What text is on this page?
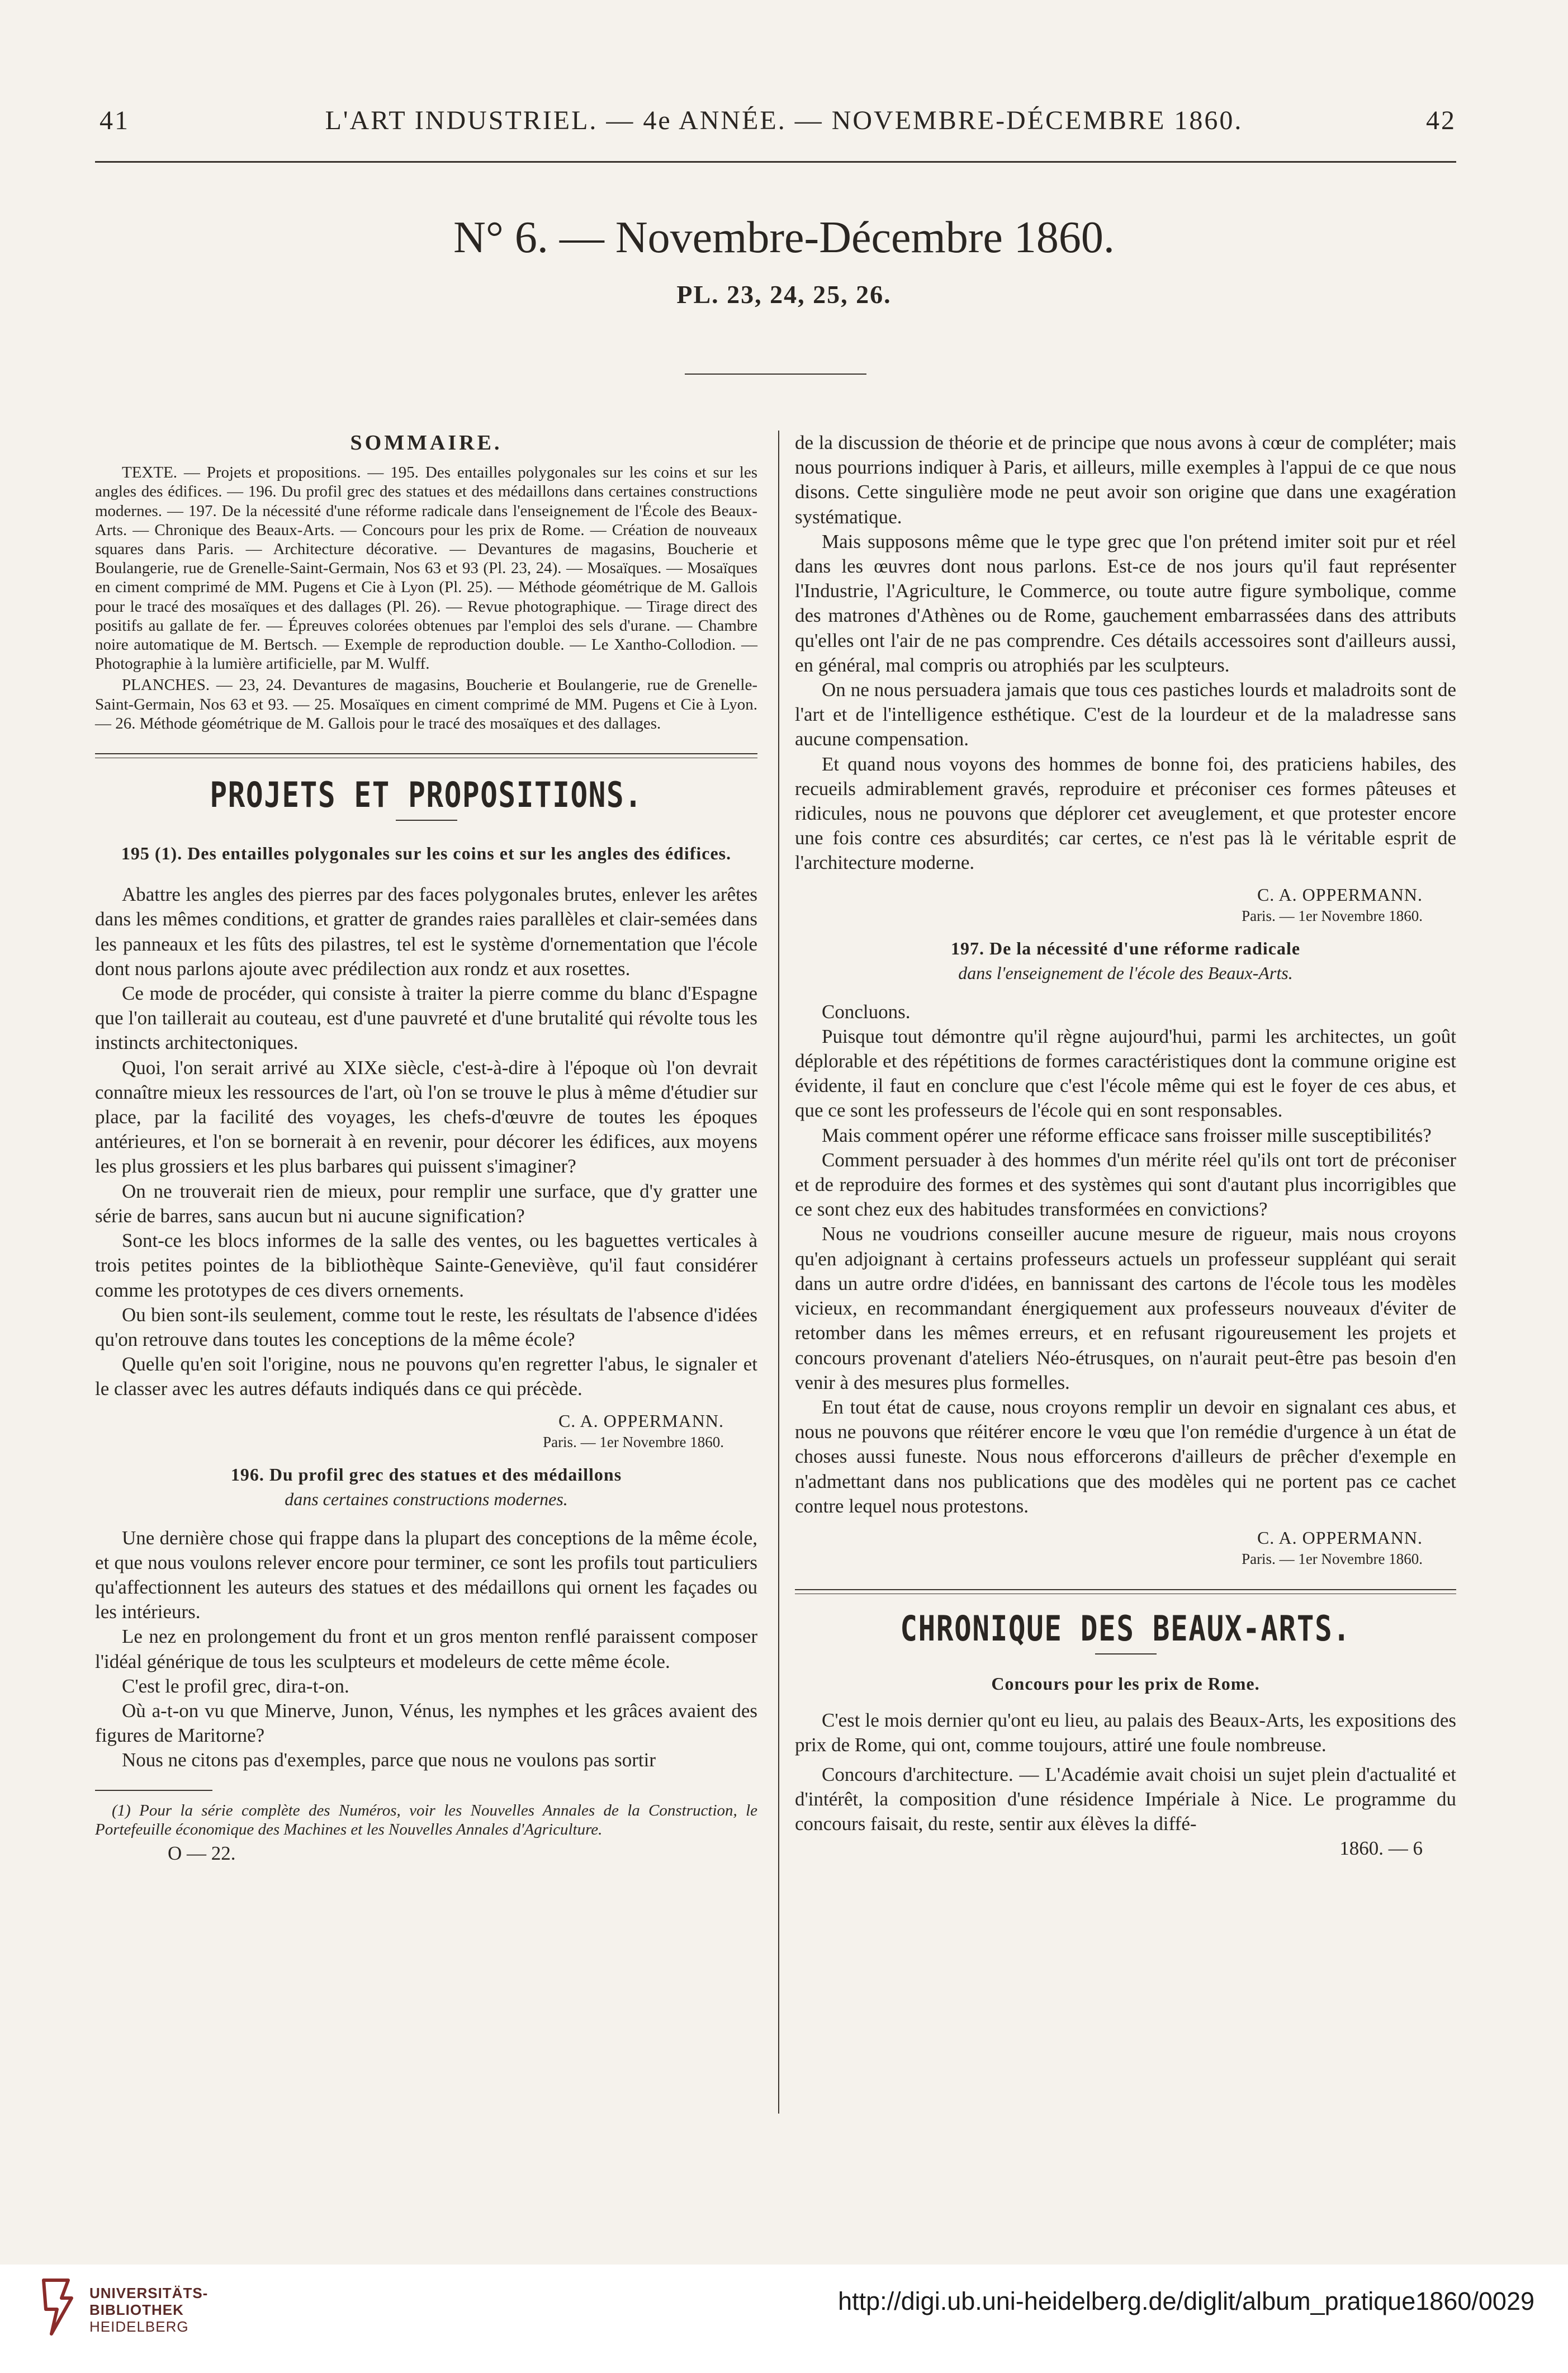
41	L'ART INDUSTRIEL. — 4e ANNÉE. — NOVEMBRE-DÉCEMBRE 1860.	42
N° 6. — Novembre-Décembre 1860.
PL. 23, 24, 25, 26.
SOMMAIRE.

TEXTE. — Projets et propositions. — 195. Des entailles polygonales sur les coins et sur les angles des édifices. — 196. Du profil grec des statues et des médaillons dans certaines constructions modernes. — 197. De la nécessité d'une réforme radicale dans l'enseignement de l'École des Beaux-Arts. — Chronique des Beaux-Arts. — Concours pour les prix de Rome. — Création de nouveaux squares dans Paris. — Architecture décorative. — Devantures de magasins, Boucherie et Boulangerie, rue de Grenelle-Saint-Germain, Nos 63 et 93 (Pl. 23, 24). — Mosaïques. — Mosaïques en ciment comprimé de MM. Pugens et Cie à Lyon (Pl. 25). — Méthode géométrique de M. Gallois pour le tracé des mosaïques et des dallages (Pl. 26). — Revue photographique. — Tirage direct des positifs au gallate de fer. — Épreuves colorées obtenues par l'emploi des sels d'urane. — Chambre noire automatique de M. Bertsch. — Exemple de reproduction double. — Le Xantho-Collodion. — Photographie à la lumière artificielle, par M. Wulff.

PLANCHES. — 23, 24. Devantures de magasins, Boucherie et Boulangerie, rue de Grenelle-Saint-Germain, Nos 63 et 93. — 25. Mosaïques en ciment comprimé de MM. Pugens et Cie à Lyon. — 26. Méthode géométrique de M. Gallois pour le tracé des mosaïques et des dallages.

PROJETS ET PROPOSITIONS.
195 (1). Des entailles polygonales sur les coins et sur les angles des édifices.

Abattre les angles des pierres par des faces polygonales brutes, enlever les arêtes dans les mêmes conditions, et gratter de grandes raies parallèles et clair-semées dans les panneaux et les fûts des pilastres, tel est le système d'ornementation que l'école dont nous parlons ajoute avec prédilection aux rondz et aux rosettes.

Ce mode de procéder, qui consiste à traiter la pierre comme du blanc d'Espagne que l'on taillerait au couteau, est d'une pauvreté et d'une brutalité qui révolte tous les instincts architectoniques.

Quoi, l'on serait arrivé au XIXe siècle, c'est-à-dire à l'époque où l'on devrait connaître mieux les ressources de l'art, où l'on se trouve le plus à même d'étudier sur place, par la facilité des voyages, les chefs-d'œuvre de toutes les époques antérieures, et l'on se bornerait à en revenir, pour décorer les édifices, aux moyens les plus grossiers et les plus barbares qui puissent s'imaginer?

On ne trouverait rien de mieux, pour remplir une surface, que d'y gratter une série de barres, sans aucun but ni aucune signification?

Sont-ce les blocs informes de la salle des ventes, ou les baguettes verticales à trois petites pointes de la bibliothèque Sainte-Geneviève, qu'il faut considérer comme les prototypes de ces divers ornements.

Ou bien sont-ils seulement, comme tout le reste, les résultats de l'absence d'idées qu'on retrouve dans toutes les conceptions de la même école?

Quelle qu'en soit l'origine, nous ne pouvons qu'en regretter l'abus, le signaler et le classer avec les autres défauts indiqués dans ce qui précède.

C. A. OPPERMANN.
Paris. — 1er Novembre 1860.
196. Du profil grec des statues et des médaillons
dans certaines constructions modernes.

Une dernière chose qui frappe dans la plupart des conceptions de la même école, et que nous voulons relever encore pour terminer, ce sont les profils tout particuliers qu'affectionnent les auteurs des statues et des médaillons qui ornent les façades ou les intérieurs.

Le nez en prolongement du front et un gros menton renflé paraissent composer l'idéal générique de tous les sculpteurs et modeleurs de cette même école.

C'est le profil grec, dira-t-on.

Où a-t-on vu que Minerve, Junon, Vénus, les nymphes et les grâces avaient des figures de Maritorne?

Nous ne citons pas d'exemples, parce que nous ne voulons pas sortir

(1) Pour la série complète des Numéros, voir les Nouvelles Annales de la Construction, le Portefeuille économique des Machines et les Nouvelles Annales d'Agriculture.

O — 22.

de la discussion de théorie et de principe que nous avons à cœur de compléter; mais nous pourrions indiquer à Paris, et ailleurs, mille exemples à l'appui de ce que nous disons. Cette singulière mode ne peut avoir son origine que dans une exagération systématique.

Mais supposons même que le type grec que l'on prétend imiter soit pur et réel dans les œuvres dont nous parlons. Est-ce de nos jours qu'il faut représenter l'Industrie, l'Agriculture, le Commerce, ou toute autre figure symbolique, comme des matrones d'Athènes ou de Rome, gauchement embarrassées dans des attributs qu'elles ont l'air de ne pas comprendre. Ces détails accessoires sont d'ailleurs aussi, en général, mal compris ou atrophiés par les sculpteurs.

On ne nous persuadera jamais que tous ces pastiches lourds et maladroits sont de l'art et de l'intelligence esthétique. C'est de la lourdeur et de la maladresse sans aucune compensation.

Et quand nous voyons des hommes de bonne foi, des praticiens habiles, des recueils admirablement gravés, reproduire et préconiser ces formes pâteuses et ridicules, nous ne pouvons que déplorer cet aveuglement, et que protester encore une fois contre ces absurdités; car certes, ce n'est pas là le véritable esprit de l'architecture moderne.

C. A. OPPERMANN.
Paris. — 1er Novembre 1860.
197. De la nécessité d'une réforme radicale
dans l'enseignement de l'école des Beaux-Arts.

Concluons.

Puisque tout démontre qu'il règne aujourd'hui, parmi les architectes, un goût déplorable et des répétitions de formes caractéristiques dont la commune origine est évidente, il faut en conclure que c'est l'école même qui est le foyer de ces abus, et que ce sont les professeurs de l'école qui en sont responsables.

Mais comment opérer une réforme efficace sans froisser mille susceptibilités?

Comment persuader à des hommes d'un mérite réel qu'ils ont tort de préconiser et de reproduire des formes et des systèmes qui sont d'autant plus incorrigibles que ce sont chez eux des habitudes transformées en convictions?

Nous ne voudrions conseiller aucune mesure de rigueur, mais nous croyons qu'en adjoignant à certains professeurs actuels un professeur suppléant qui serait dans un autre ordre d'idées, en bannissant des cartons de l'école tous les modèles vicieux, en recommandant énergiquement aux professeurs nouveaux d'éviter de retomber dans les mêmes erreurs, et en refusant rigoureusement les projets et concours provenant d'ateliers Néo-étrusques, on n'aurait peut-être pas besoin d'en venir à des mesures plus formelles.

En tout état de cause, nous croyons remplir un devoir en signalant ces abus, et nous ne pouvons que réitérer encore le vœu que l'on remédie d'urgence à un état de choses aussi funeste. Nous nous efforcerons d'ailleurs de prêcher d'exemple en n'admettant dans nos publications que des modèles qui ne portent pas ce cachet contre lequel nous protestons.

C. A. OPPERMANN.
Paris. — 1er Novembre 1860.
CHRONIQUE DES BEAUX-ARTS.
Concours pour les prix de Rome.

C'est le mois dernier qu'ont eu lieu, au palais des Beaux-Arts, les expositions des prix de Rome, qui ont, comme toujours, attiré une foule nombreuse.

Concours d'architecture. — L'Académie avait choisi un sujet plein d'actualité et d'intérêt, la composition d'une résidence Impériale à Nice. Le programme du concours faisait, du reste, sentir aux élèves la diffé-

1860. — 6
UNIVERSITÄTS-
BIBLIOTHEK
HEIDELBERG
http://digi.ub.uni-heidelberg.de/diglit/album_pratique1860/0029
